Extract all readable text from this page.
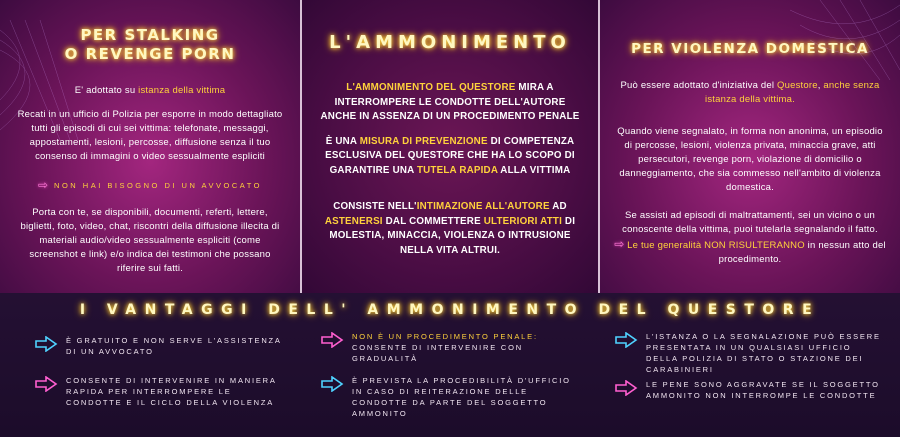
PER STALKING
O REVENGE PORN
E' adottato su istanza della vittima
Recati in un ufficio di Polizia per esporre in modo dettagliato tutti gli episodi di cui sei vittima: telefonate, messaggi, appostamenti, lesioni, percosse, diffusione senza il tuo consenso di immagini o video sessualmente espliciti
⇨ NON HAI BISOGNO DI UN AVVOCATO
Porta con te, se disponibili, documenti, referti, lettere, biglietti, foto, video, chat, riscontri della diffusione illecita di materiali audio/video sessualmente espliciti (come screenshot e link) e/o indica dei testimoni che possano riferire sui fatti.
L'AMMONIMENTO
L'AMMONIMENTO DEL QUESTORE MIRA A INTERROMPERE LE CONDOTTE DELL'AUTORE ANCHE IN ASSENZA DI UN PROCEDIMENTO PENALE
È UNA MISURA DI PREVENZIONE DI COMPETENZA ESCLUSIVA DEL QUESTORE CHE HA LO SCOPO DI GARANTIRE UNA TUTELA RAPIDA ALLA VITTIMA
CONSISTE NELL'INTIMAZIONE ALL'AUTORE AD ASTENERSI DAL COMMETTERE ULTERIORI ATTI DI MOLESTIA, MINACCIA, VIOLENZA O INTRUSIONE NELLA VITA ALTRUI.
PER VIOLENZA DOMESTICA
Può essere adottato d'iniziativa del Questore, anche senza istanza della vittima.
Quando viene segnalato, in forma non anonima, un episodio di percosse, lesioni, violenza privata, minaccia grave, atti persecutori, revenge porn, violazione di domicilio o danneggiamento, che sia commesso nell'ambito di violenza domestica.
Se assisti ad episodi di maltrattamenti, sei un vicino o un conoscente della vittima, puoi tutelarla segnalando il fatto.
⇨ Le tue generalità NON RISULTERANNO in nessun atto del procedimento.
I VANTAGGI DELL' AMMONIMENTO DEL QUESTORE
È GRATUITO E NON SERVE L'ASSISTENZA DI UN AVVOCATO
CONSENTE DI INTERVENIRE IN MANIERA RAPIDA PER INTERROMPERE LE CONDOTTE E IL CICLO DELLA VIOLENZA
NON È UN PROCEDIMENTO PENALE:
CONSENTE DI INTERVENIRE CON GRADUALITÀ
È PREVISTA LA PROCEDIBILITÀ D'UFFICIO IN CASO DI REITERAZIONE DELLE CONDOTTE DA PARTE DEL SOGGETTO AMMONITO
L'ISTANZA O LA SEGNALAZIONE PUÒ ESSERE PRESENTATA IN UN QUALSIASI UFFICIO DELLA POLIZIA DI STATO O STAZIONE DEI CARABINIERI
LE PENE SONO AGGRAVATE SE IL SOGGETTO AMMONITO NON INTERROMPE LE CONDOTTE
